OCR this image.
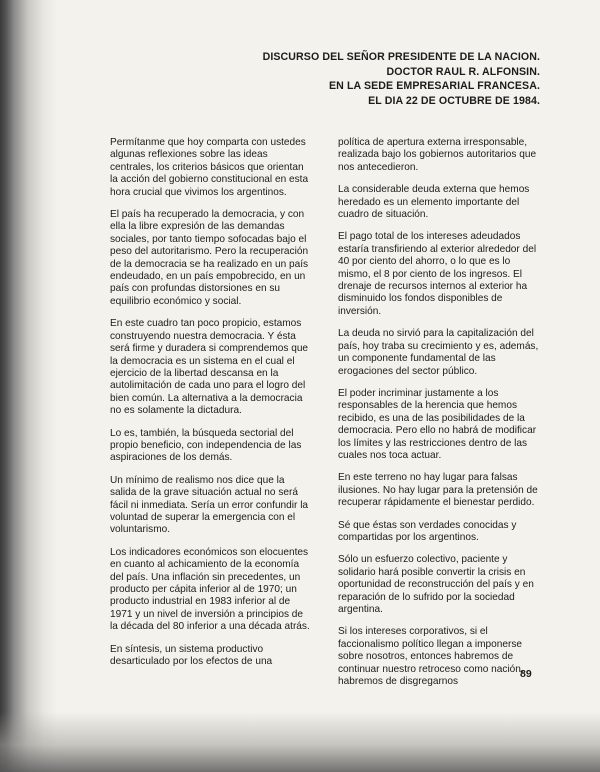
DISCURSO DEL SEÑOR PRESIDENTE DE LA NACION.
DOCTOR RAUL R. ALFONSIN.
EN LA SEDE EMPRESARIAL FRANCESA.
EL DIA 22 DE OCTUBRE DE 1984.

Permítanme que hoy comparta con ustedes algunas reflexiones sobre las ideas centrales, los criterios básicos que orientan la acción del gobierno constitucional en esta hora crucial que vivimos los argentinos.

El país ha recuperado la democracia, y con ella la libre expresión de las demandas sociales, por tanto tiempo sofocadas bajo el peso del autoritarismo. Pero la recuperación de la democracia se ha realizado en un país endeudado, en un país empobrecido, en un país con profundas distorsiones en su equilibrio económico y social.

En este cuadro tan poco propicio, estamos construyendo nuestra democracia. Y ésta será firme y duradera si comprendemos que la democracia es un sistema en el cual el ejercicio de la libertad descansa en la autolimitación de cada uno para el logro del bien común. La alternativa a la democracia no es solamente la dictadura.

Lo es, también, la búsqueda sectorial del propio beneficio, con independencia de las aspiraciones de los demás.

Un mínimo de realismo nos dice que la salida de la grave situación actual no será fácil ni inmediata. Sería un error confundir la voluntad de superar la emergencia con el voluntarismo.

Los indicadores económicos son elocuentes en cuanto al achicamiento de la economía del país. Una inflación sin precedentes, un producto per cápita inferior al de 1970; un producto industrial en 1983 inferior al de 1971 y un nivel de inversión a principios de la década del 80 inferior a una década atrás.

En síntesis, un sistema productivo desarticulado por los efectos de una

política de apertura externa irresponsable, realizada bajo los gobiernos autoritarios que nos antecedieron.

La considerable deuda externa que hemos heredado es un elemento importante del cuadro de situación.

El pago total de los intereses adeudados estaría transfiriendo al exterior alrededor del 40 por ciento del ahorro, o lo que es lo mismo, el 8 por ciento de los ingresos. El drenaje de recursos internos al exterior ha disminuido los fondos disponibles de inversión.

La deuda no sirvió para la capitalización del país, hoy traba su crecimiento y es, además, un componente fundamental de las erogaciones del sector público.

El poder incriminar justamente a los responsables de la herencia que hemos recibido, es una de las posibilidades de la democracia. Pero ello no habrá de modificar los límites y las restricciones dentro de las cuales nos toca actuar.

En este terreno no hay lugar para falsas ilusiones. No hay lugar para la pretensión de recuperar rápidamente el bienestar perdido.

Sé que éstas son verdades conocidas y compartidas por los argentinos.

Sólo un esfuerzo colectivo, paciente y solidario hará posible convertir la crisis en oportunidad de reconstrucción del país y en reparación de lo sufrido por la sociedad argentina.

Si los intereses corporativos, si el faccionalismo político llegan a imponerse sobre nosotros, entonces habremos de continuar nuestro retroceso como nación, habremos de disgregarnos

89
